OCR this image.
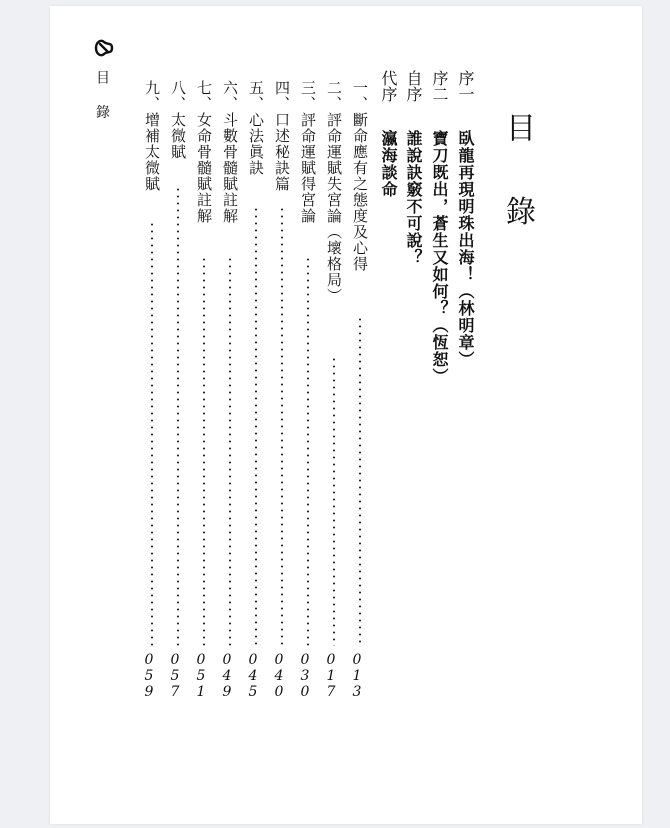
目 錄
目 錄
序一
臥龍再現明珠出海！（林明章）
序二
寶刀既出，蒼生又如何？（恆恕）
自序
誰說訣竅不可說？
代序
瀛海談命
一、斷命應有之態度及心得
013
二、評命運賦失宮論（壞格局）
017
三、評命運賦得宮論
030
四、口述秘訣篇
040
五、心法眞訣
045
六、斗數骨髓賦註解
049
七、女命骨髓賦註解
051
八、太微賦
057
九、增補太微賦
059
